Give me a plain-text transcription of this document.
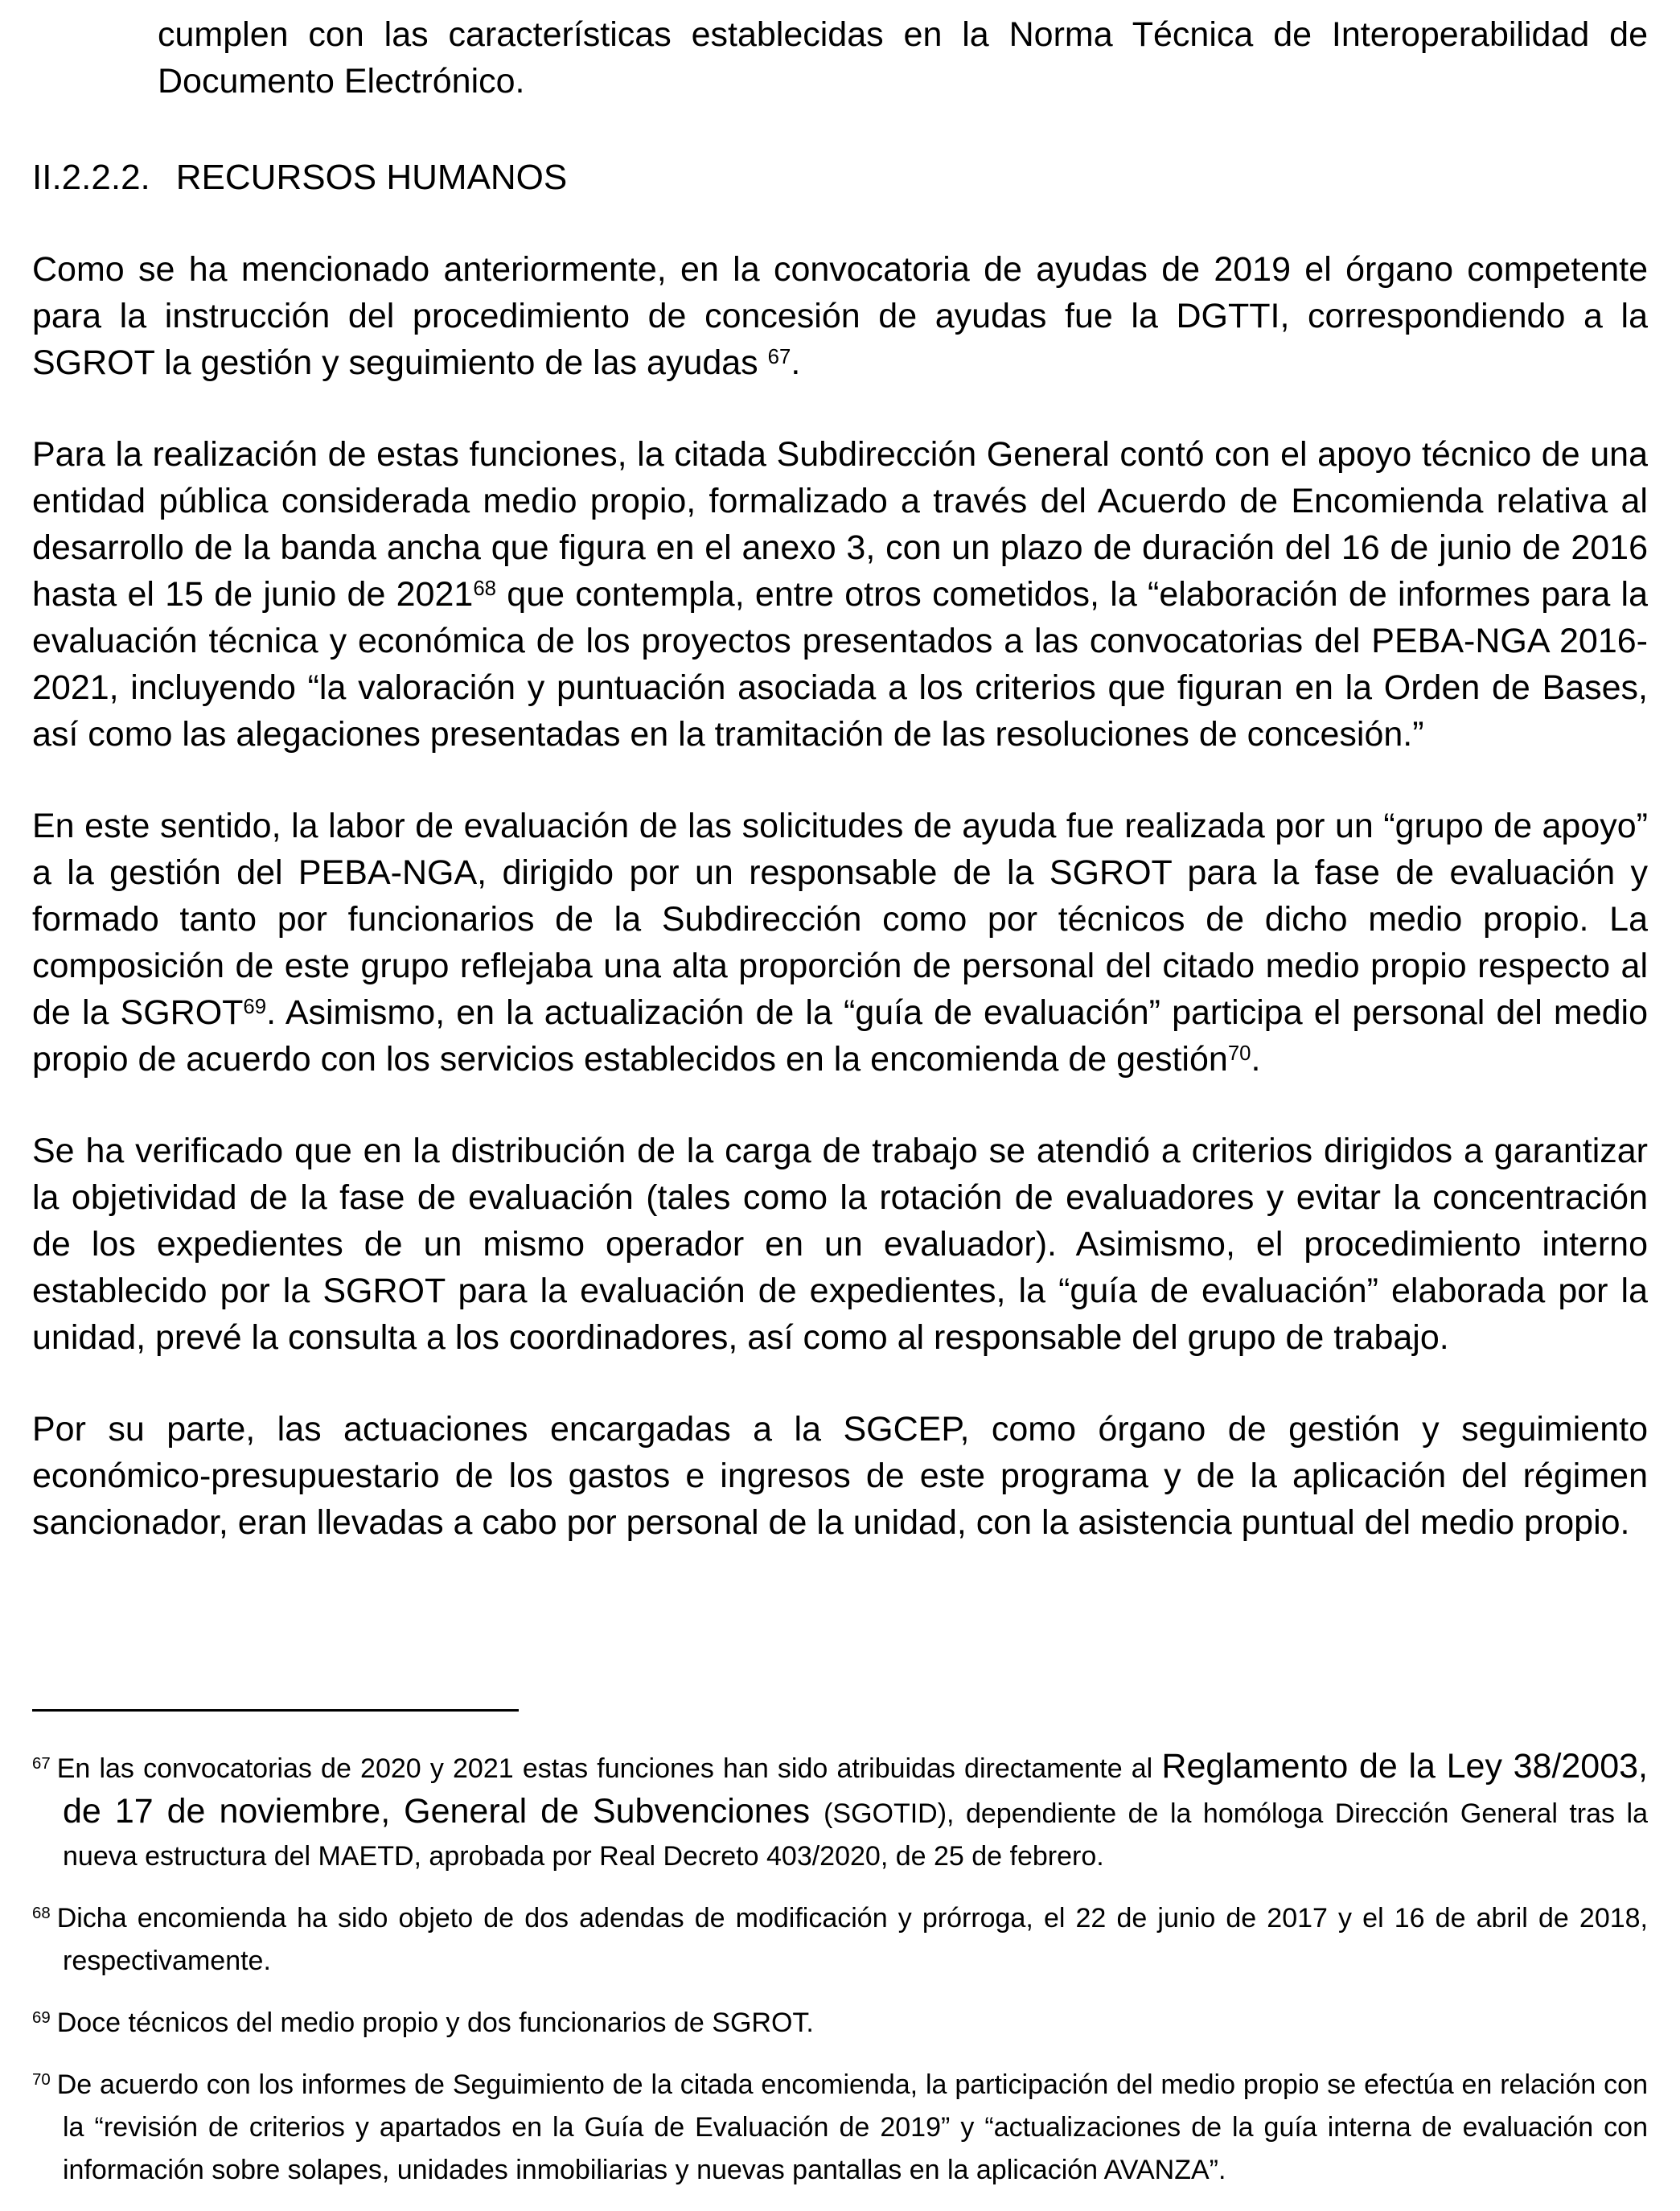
cumplen con las características establecidas en la Norma Técnica de Interoperabilidad de Documento Electrónico.
II.2.2.2. RECURSOS HUMANOS
Como se ha mencionado anteriormente, en la convocatoria de ayudas de 2019 el órgano competente para la instrucción del procedimiento de concesión de ayudas fue la DGTTI, correspondiendo a la SGROT la gestión y seguimiento de las ayudas $^{67}$.
Para la realización de estas funciones, la citada Subdirección General contó con el apoyo técnico de una entidad pública considerada medio propio, formalizado a través del Acuerdo de Encomienda relativa al desarrollo de la banda ancha que figura en el anexo 3, con un plazo de duración del 16 de junio de 2016 hasta el 15 de junio de 2021$^{68}$ que contempla, entre otros cometidos, la “elaboración de informes para la evaluación técnica y económica de los proyectos presentados a las convocatorias del PEBA-NGA 2016-2021, incluyendo “la valoración y puntuación asociada a los criterios que figuran en la Orden de Bases, así como las alegaciones presentadas en la tramitación de las resoluciones de concesión.”
En este sentido, la labor de evaluación de las solicitudes de ayuda fue realizada por un “grupo de apoyo” a la gestión del PEBA-NGA, dirigido por un responsable de la SGROT para la fase de evaluación y formado tanto por funcionarios de la Subdirección como por técnicos de dicho medio propio. La composición de este grupo reflejaba una alta proporción de personal del citado medio propio respecto al de la SGROT$^{69}$. Asimismo, en la actualización de la “guía de evaluación” participa el personal del medio propio de acuerdo con los servicios establecidos en la encomienda de gestión$^{70}$.
Se ha verificado que en la distribución de la carga de trabajo se atendió a criterios dirigidos a garantizar la objetividad de la fase de evaluación (tales como la rotación de evaluadores y evitar la concentración de los expedientes de un mismo operador en un evaluador). Asimismo, el procedimiento interno establecido por la SGROT para la evaluación de expedientes, la “guía de evaluación” elaborada por la unidad, prevé la consulta a los coordinadores, así como al responsable del grupo de trabajo.
Por su parte, las actuaciones encargadas a la SGCEP, como órgano de gestión y seguimiento económico-presupuestario de los gastos e ingresos de este programa y de la aplicación del régimen sancionador, eran llevadas a cabo por personal de la unidad, con la asistencia puntual del medio propio.
$^{67}$ En las convocatorias de 2020 y 2021 estas funciones han sido atribuidas directamente al Reglamento de la Ley 38/2003, de 17 de noviembre, General de Subvenciones (SGOTID), dependiente de la homóloga Dirección General tras la nueva estructura del MAETD, aprobada por Real Decreto 403/2020, de 25 de febrero.
$^{68}$ Dicha encomienda ha sido objeto de dos adendas de modificación y prórroga, el 22 de junio de 2017 y el 16 de abril de 2018, respectivamente.
$^{69}$ Doce técnicos del medio propio y dos funcionarios de SGROT.
$^{70}$ De acuerdo con los informes de Seguimiento de la citada encomienda, la participación del medio propio se efectúa en relación con la “revisión de criterios y apartados en la Guía de Evaluación de 2019” y “actualizaciones de la guía interna de evaluación con información sobre solapes, unidades inmobiliarias y nuevas pantallas en la aplicación AVANZA”.
